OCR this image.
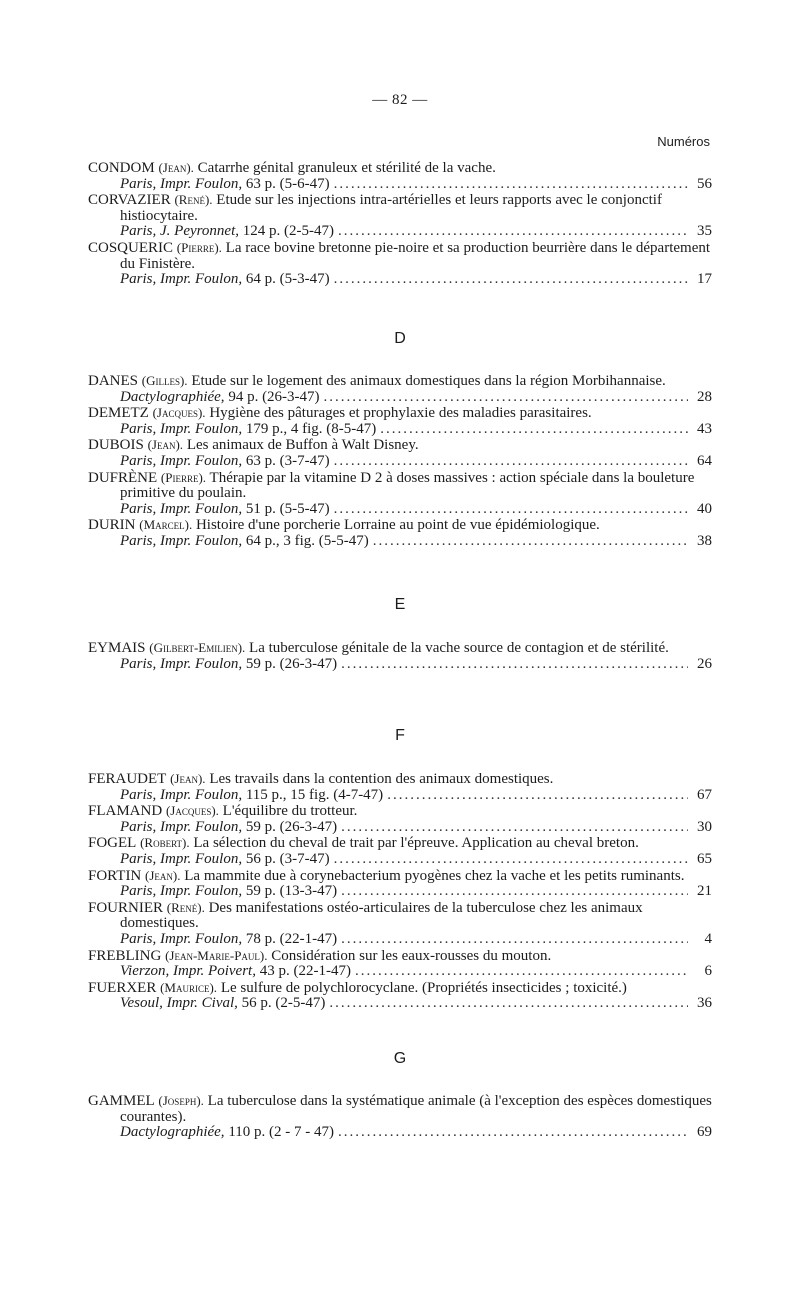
— 82 —
Numéros
CONDOM (Jean). Catarrhe génital granuleux et stérilité de la vache.
Paris, Impr. Foulon, 63 p. (5-6-47) .....	56
CORVAZIER (René). Etude sur les injections intra-artérielles et leurs rapports avec le conjonctif histiocytaire.
Paris, J. Peyronnet, 124 p. (2-5-47) .....	35
COSQUERIC (Pierre). La race bovine bretonne pie-noire et sa production beurrière dans le département du Finistère.
Paris, Impr. Foulon, 64 p. (5-3-47) .....	17
D
DANES (Gilles). Etude sur le logement des animaux domestiques dans la région Morbihannaise.
Dactylographiée, 94 p. (26-3-47) .....	28
DEMETZ (Jacques). Hygiène des pâturages et prophylaxie des maladies parasitaires.
Paris, Impr. Foulon, 179 p., 4 fig. (8-5-47) .....	43
DUBOIS (Jean). Les animaux de Buffon à Walt Disney.
Paris, Impr. Foulon, 63 p. (3-7-47) .....	64
DUFRÈNE (Pierre). Thérapie par la vitamine D 2 à doses massives : action spéciale dans la bouleture primitive du poulain.
Paris, Impr. Foulon, 51 p. (5-5-47) .....	40
DURIN (Marcel). Histoire d'une porcherie Lorraine au point de vue épidémiologique.
Paris, Impr. Foulon, 64 p., 3 fig. (5-5-47) .....	38
E
EYMAIS (Gilbert-Emilien). La tuberculose génitale de la vache source de contagion et de stérilité.
Paris, Impr. Foulon, 59 p. (26-3-47) .....	26
F
FERAUDET (Jean). Les travails dans la contention des animaux domestiques.
Paris, Impr. Foulon, 115 p., 15 fig. (4-7-47) .....	67
FLAMAND (Jacques). L'équilibre du trotteur.
Paris, Impr. Foulon, 59 p. (26-3-47) .....	30
FOGEL (Robert). La sélection du cheval de trait par l'épreuve. Application au cheval breton.
Paris, Impr. Foulon, 56 p. (3-7-47) .....	65
FORTIN (Jean). La mammite due à corynebacterium pyogènes chez la vache et les petits ruminants.
Paris, Impr. Foulon, 59 p. (13-3-47) .....	21
FOURNIER (René). Des manifestations ostéo-articulaires de la tuberculose chez les animaux domestiques.
Paris, Impr. Foulon, 78 p. (22-1-47) .....	4
FREBLING (Jean-Marie-Paul). Considération sur les eaux-rousses du mouton.
Vierzon, Impr. Poivert, 43 p. (22-1-47) .....	6
FUERXER (Maurice). Le sulfure de polychlorocyclane. (Propriétés insecticides ; toxicité.)
Vesoul, Impr. Cival, 56 p. (2-5-47) .....	36
G
GAMMEL (Joseph). La tuberculose dans la systématique animale (à l'exception des espèces domestiques courantes).
Dactylographiée, 110 p. (2 - 7 - 47) .....	69
